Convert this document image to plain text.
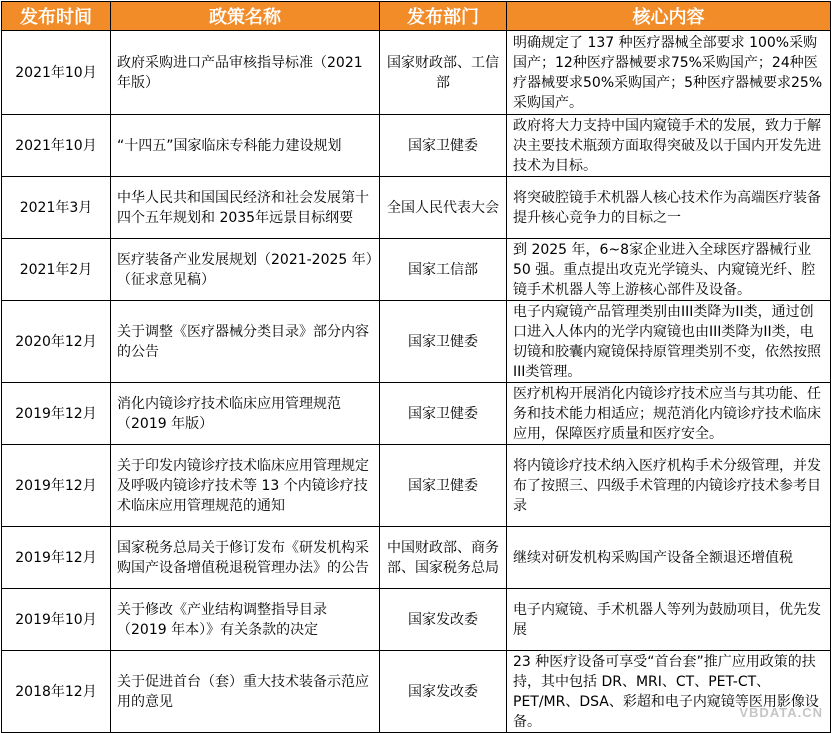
发布时间	政策名称	发布部门	核心内容
2021年10月	政府采购进口产品审核指导标准（2021年版）	国家财政部、工信部	明确规定了 137 种医疗器械全部要求 100%采购国产；12种医疗器械要求75%采购国产；24种医疗器械要求50%采购国产；5种医疗器械要求25%采购国产。
2021年10月	“十四五”国家临床专科能力建设规划	国家卫健委	政府将大力支持中国内窥镜手术的发展，致力于解决主要技术瓶颈方面取得突破及以于国内开发先进技术为目标。
2021年3月	中华人民共和国国民经济和社会发展第十四个五年规划和 2035年远景目标纲要	全国人民代表大会	将突破腔镜手术机器人核心技术作为高端医疗装备提升核心竞争力的目标之一
2021年2月	医疗装备产业发展规划（2021-2025 年）（征求意见稿）	国家工信部	到 2025 年，6~8家企业进入全球医疗器械行业 50 强。重点提出攻克光学镜头、内窥镜光纤、腔镜手术机器人等上游核心部件及设备。
2020年12月	关于调整《医疗器械分类目录》部分内容的公告	国家卫健委	电子内窥镜产品管理类别由III类降为II类，通过创口进入人体内的光学内窥镜也由III类降为II类，电切镜和胶囊内窥镜保持原管理类别不变，依然按照III类管理。
2019年12月	消化内镜诊疗技术临床应用管理规范（2019 年版）	国家卫健委	医疗机构开展消化内镜诊疗技术应当与其功能、任务和技术能力相适应；规范消化内镜诊疗技术临床应用，保障医疗质量和医疗安全。
2019年12月	关于印发内镜诊疗技术临床应用管理规定及呼吸内镜诊疗技术等 13 个内镜诊疗技术临床应用管理规范的通知	国家卫健委	将内镜诊疗技术纳入医疗机构手术分级管理，并发布了按照三、四级手术管理的内镜诊疗技术参考目录
2019年12月	国家税务总局关于修订发布《研发机构采购国产设备增值税退税管理办法》的公告	中国财政部、商务部、国家税务总局	继续对研发机构采购国产设备全额退还增值税
2019年10月	关于修改《产业结构调整指导目录（2019 年本）》有关条款的决定	国家发改委	电子内窥镜、手术机器人等列为鼓励项目，优先发展
2018年12月	关于促进首台（套）重大技术装备示范应用的意见	国家发改委	23 种医疗设备可享受“首台套”推广应用政策的扶持，其中包括 DR、MRI、CT、PET-CT、PET/MR、DSA、彩超和电子内窥镜等医用影像设备。	VBDATA.CN
